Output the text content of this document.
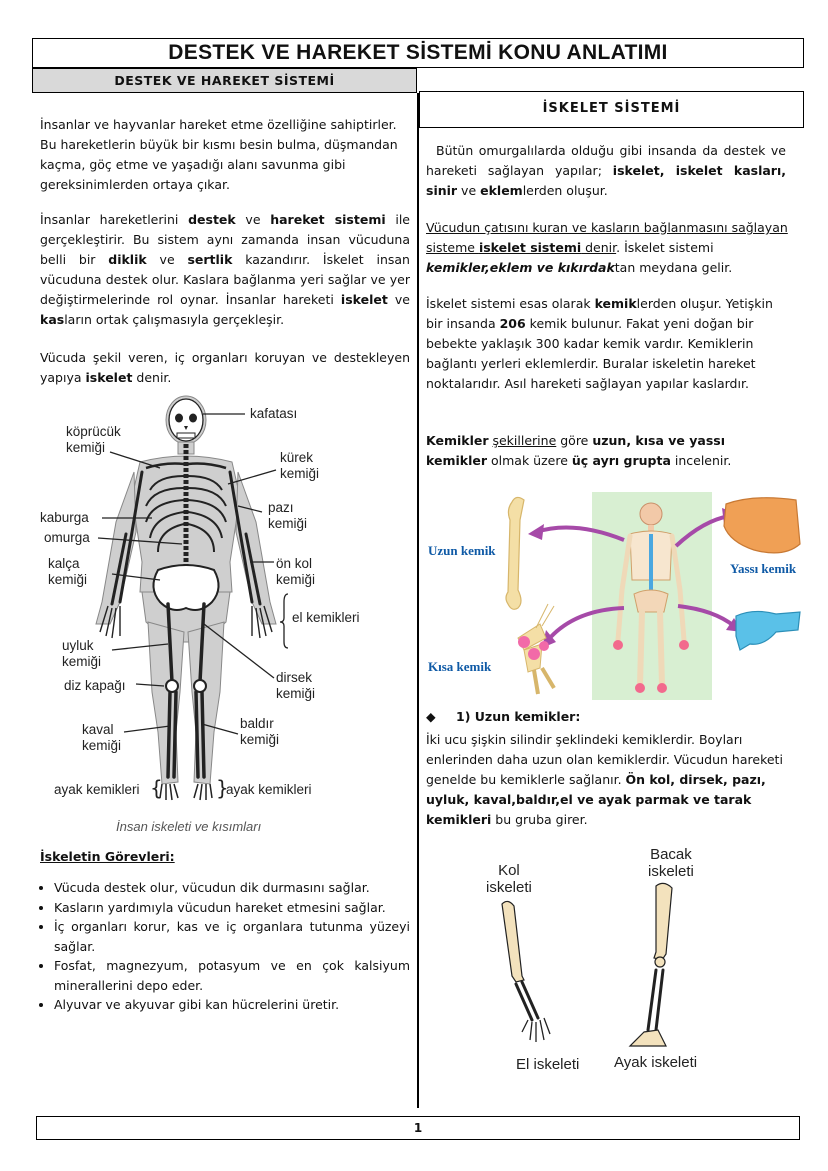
DESTEK VE HAREKET SİSTEMİ KONU ANLATIMI
DESTEK VE HAREKET SİSTEMİ
İnsanlar ve hayvanlar hareket etme özelliğine sahiptirler. Bu hareketlerin büyük bir kısmı besin bulma, düşmandan kaçma, göç etme ve yaşadığı alanı savunma gibi gereksinimlerden ortaya çıkar.
İnsanlar hareketlerini destek ve hareket sistemi ile gerçekleştirir. Bu sistem aynı zamanda insan vücuduna belli bir diklik ve sertlik kazandırır. İskelet insan vücuduna destek olur. Kaslara bağlanma yeri sağlar ve yer değiştirmelerinde rol oynar. İnsanlar hareketi iskelet ve kasların ortak çalışmasıyla gerçekleşir.
Vücuda şekil veren, iç organları koruyan ve destekleyen yapıya iskelet denir.
{	}
kafatası
köprücük
kemiği
kürek
kemiği
kaburga
omurga
pazı
kemiği
kalça
kemiği
ön kol
kemiği
el kemikleri
uyluk
kemiği
dirsek
kemiği
diz kapağı
kaval
kemiği
baldır
kemiği
ayak kemikleri	ayak kemikleri
İnsan iskeleti ve kısımları
İskeletin Görevleri:
• Vücuda destek olur, vücudun dik durmasını sağlar.
• Kasların yardımıyla vücudun hareket etmesini sağlar.
• İç organları korur, kas ve iç organlara tutunma yüzeyi sağlar.
• Fosfat, magnezyum, potasyum ve en çok kalsiyum minerallerini depo eder.
• Alyuvar ve akyuvar gibi kan hücrelerini üretir.
İSKELET SİSTEMİ
Bütün omurgalılarda olduğu gibi insanda da destek ve hareketi sağlayan yapılar; iskelet, iskelet kasları, sinir ve eklemlerden oluşur.
Vücudun çatısını kuran ve kasların bağlanmasını sağlayan sisteme iskelet sistemi denir. İskelet sistemi kemikler,eklem ve kıkırdaktan meydana gelir.
İskelet sistemi esas olarak kemiklerden oluşur. Yetişkin bir insanda 206 kemik bulunur. Fakat yeni doğan bir bebekte yaklaşık 300 kadar kemik vardır. Kemiklerin bağlantı yerleri eklemlerdir. Buralar iskeletin hareket noktalarıdır. Asıl hareketi sağlayan yapılar kaslardır.
Kemikler şekillerine göre uzun, kısa ve yassı kemikler olmak üzere üç ayrı grupta incelenir.
Uzun kemik
Yassı kemik
Kısa kemik
◆ 1) Uzun kemikler:
İki ucu şişkin silindir şeklindeki kemiklerdir. Boyları enlerinden daha uzun olan kemiklerdir. Vücudun hareketi genelde bu kemiklerle sağlanır. Ön kol, dirsek, pazı, uyluk, kaval,baldır,el ve ayak parmak ve tarak kemikleri bu gruba girer.
Kol
iskeleti
Bacak
iskeleti
El iskeleti Ayak iskeleti
1
